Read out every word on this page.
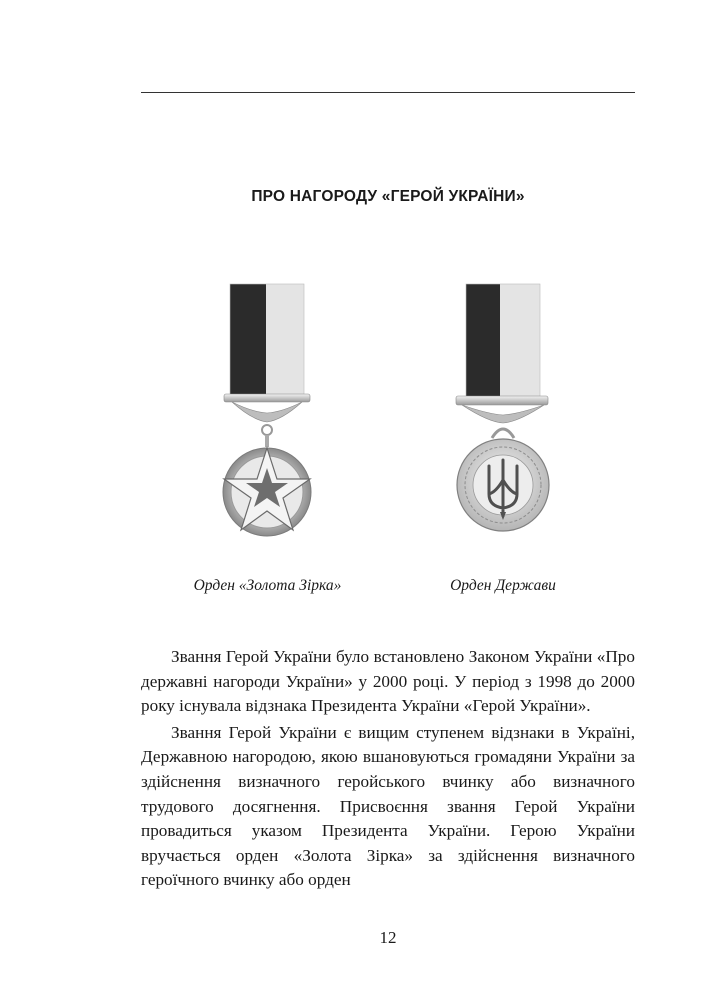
ПРО НАГОРОДУ «ГЕРОЙ УКРАЇНИ»
Орден «Золота Зірка»	Орден Держави

Звання Герой України було встановлено Законом України «Про державні нагороди України» у 2000 році. У період з 1998 до 2000 року існувала відзнака Президента України «Герой України».

Звання Герой України є вищим ступенем відзнаки в Україні, Державною нагородою, якою вшановуються громадяни України за здійснення визначного геройського вчинку або визначного трудового досягнення. Присвоєння звання Герой України провадиться указом Президента України. Герою України вручається орден «Золота Зірка» за здійснення визначного героїчного вчинку або орден

12
